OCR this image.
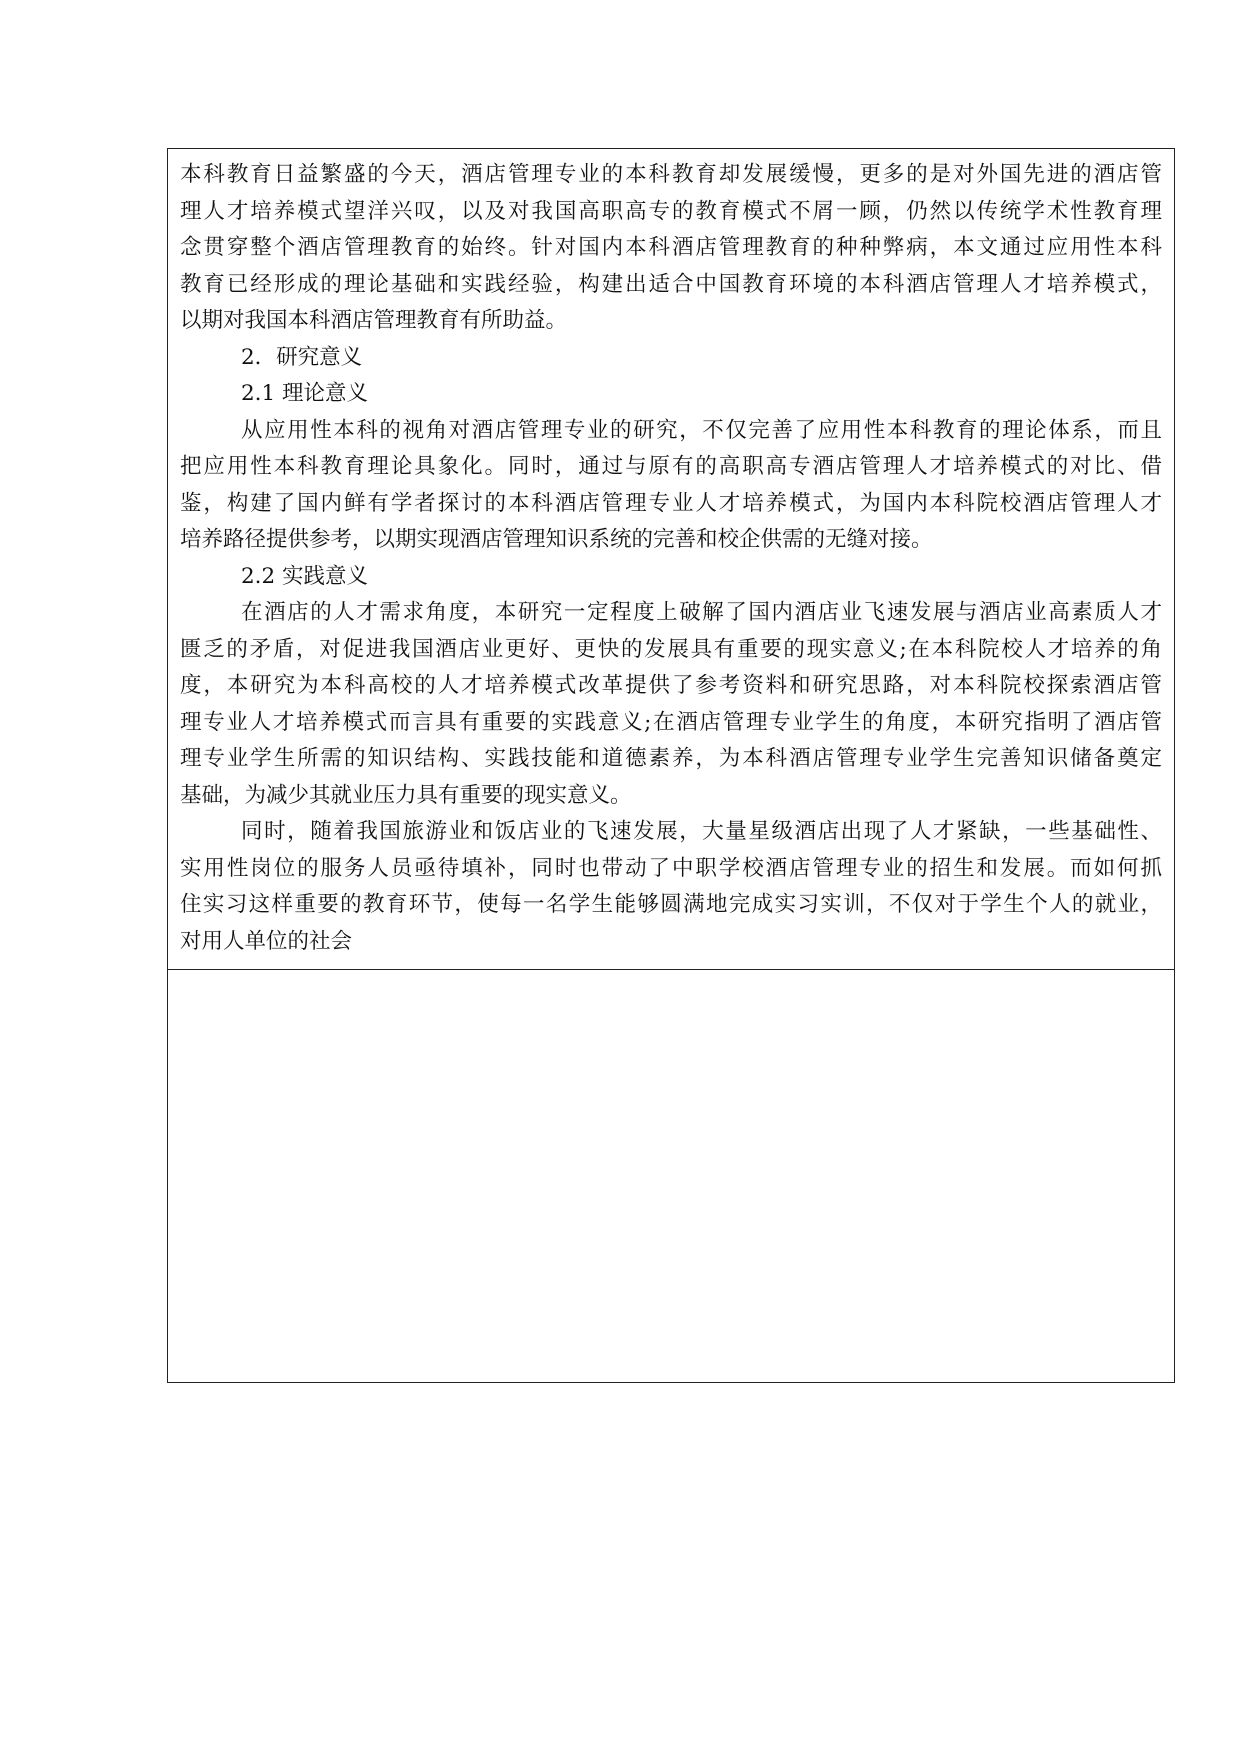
本科教育日益繁盛的今天，酒店管理专业的本科教育却发展缓慢，更多的是对外国先进的酒店管
理人才培养模式望洋兴叹，以及对我国高职高专的教育模式不屑一顾，仍然以传统学术性教育理
念贯穿整个酒店管理教育的始终。针对国内本科酒店管理教育的种种弊病，本文通过应用性本科
教育已经形成的理论基础和实践经验，构建出适合中国教育环境的本科酒店管理人才培养模式，
以期对我国本科酒店管理教育有所助益。
2．研究意义
2.1 理论意义
从应用性本科的视角对酒店管理专业的研究，不仅完善了应用性本科教育的理论体系，而且
把应用性本科教育理论具象化。同时，通过与原有的高职高专酒店管理人才培养模式的对比、借
鉴，构建了国内鲜有学者探讨的本科酒店管理专业人才培养模式，为国内本科院校酒店管理人才
培养路径提供参考，以期实现酒店管理知识系统的完善和校企供需的无缝对接。
2.2 实践意义
在酒店的人才需求角度，本研究一定程度上破解了国内酒店业飞速发展与酒店业高素质人才
匮乏的矛盾，对促进我国酒店业更好、更快的发展具有重要的现实意义;在本科院校人才培养的角
度，本研究为本科高校的人才培养模式改革提供了参考资料和研究思路，对本科院校探索酒店管
理专业人才培养模式而言具有重要的实践意义;在酒店管理专业学生的角度，本研究指明了酒店管
理专业学生所需的知识结构、实践技能和道德素养，为本科酒店管理专业学生完善知识储备奠定
基础，为减少其就业压力具有重要的现实意义。
同时，随着我国旅游业和饭店业的飞速发展，大量星级酒店出现了人才紧缺，一些基础性、
实用性岗位的服务人员亟待填补，同时也带动了中职学校酒店管理专业的招生和发展。而如何抓
住实习这样重要的教育环节，使每一名学生能够圆满地完成实习实训，不仅对于学生个人的就业，
对用人单位的社会
